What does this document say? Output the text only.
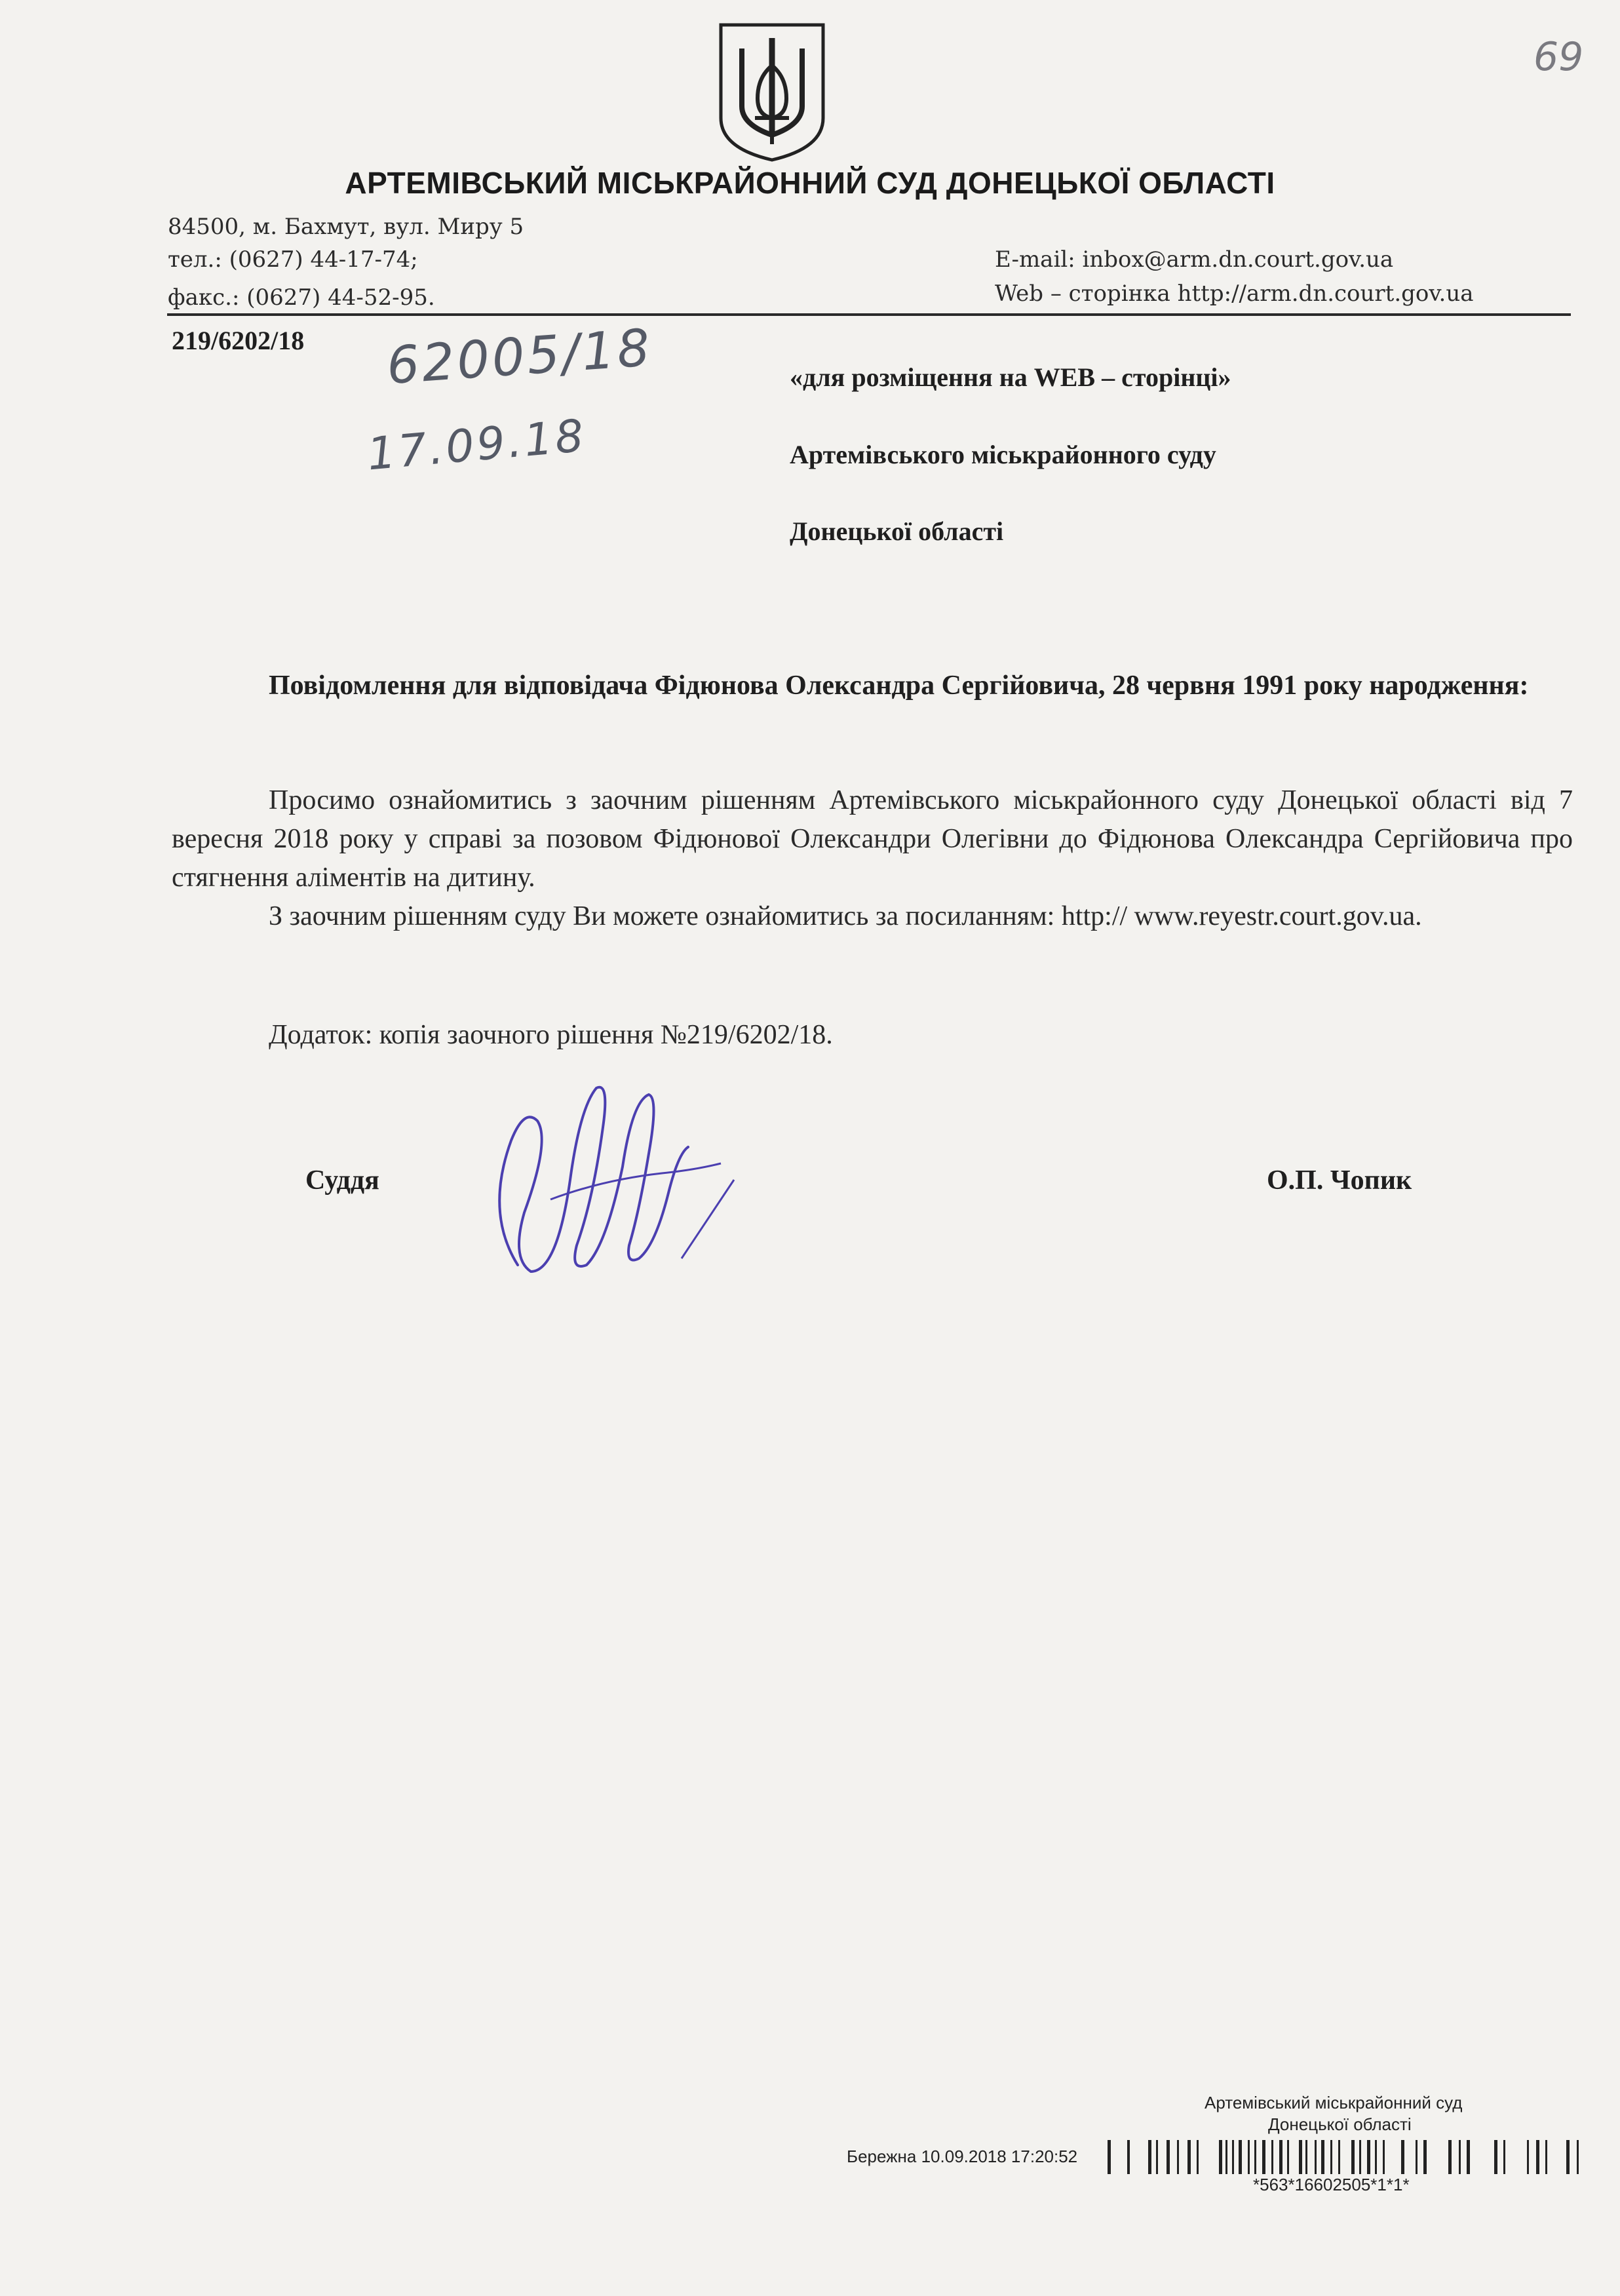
АРТЕМІВСЬКИЙ МІСЬКРАЙОННИЙ СУД ДОНЕЦЬКОЇ ОБЛАСТІ
84500, м. Бахмут, вул. Миру 5
тел.: (0627) 44-17-74;
факс.: (0627) 44-52-95.
E-mail: inbox@arm.dn.court.gov.ua
Web – сторінка http://arm.dn.court.gov.ua
219/6202/18 62005/18
17.09.18
69
«для розміщення на WEB – сторінці»
Артемівського міськрайонного суду
Донецької області
Повідомлення для відповідача Фідюнова Олександра Сергійовича, 28 червня 1991 року народження:
Просимо ознайомитись з заочним рішенням Артемівського міськрайонного суду Донецької області від 7 вересня 2018 року у справі за позовом Фідюнової Олександри Олегівни до Фідюнова Олександра Сергійовича про стягнення аліментів на дитину.
З заочним рішенням суду Ви можете ознайомитись за посиланням: http:// www.reyestr.court.gov.ua.
Додаток: копія заочного рішення №219/6202/18.
Суддя	О.П. Чопик
Артемівський міськрайонний суд
Донецької області
Бережна 10.09.2018 17:20:52
*563*16602505*1*1*
